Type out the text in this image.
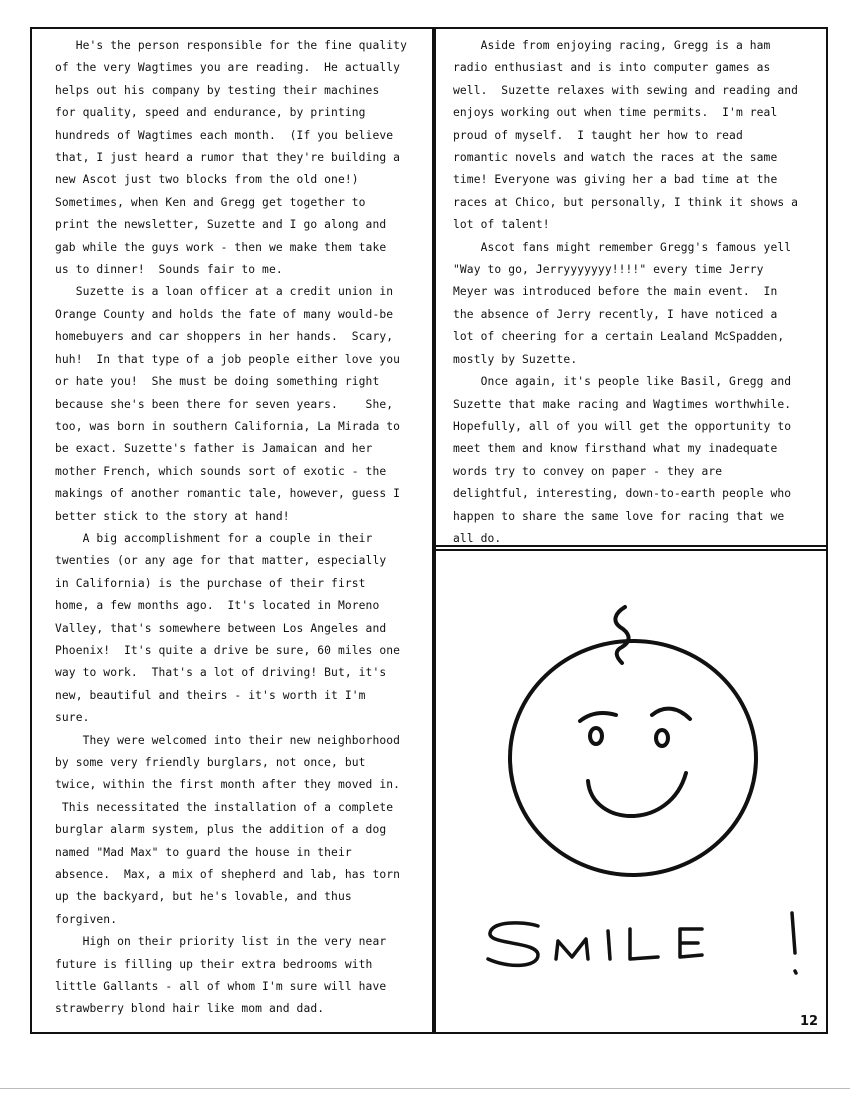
He's the person responsible for the fine quality

of the very Wagtimes you are reading.  He actually

helps out his company by testing their machines

for quality, speed and endurance, by printing

hundreds of Wagtimes each month.  (If you believe

that, I just heard a rumor that they're building a

new Ascot just two blocks from the old one!)

Sometimes, when Ken and Gregg get together to

print the newsletter, Suzette and I go along and

gab while the guys work - then we make them take

us to dinner!  Sounds fair to me.

Suzette is a loan officer at a credit union in

Orange County and holds the fate of many would-be

homebuyers and car shoppers in her hands.  Scary,

huh!  In that type of a job people either love you

or hate you!  She must be doing something right

because she's been there for seven years.    She,

too, was born in southern California, La Mirada to

be exact. Suzette's father is Jamaican and her

mother French, which sounds sort of exotic - the

makings of another romantic tale, however, guess I

better stick to the story at hand!

A big accomplishment for a couple in their

twenties (or any age for that matter, especially

in California) is the purchase of their first

home, a few months ago.  It's located in Moreno

Valley, that's somewhere between Los Angeles and

Phoenix!  It's quite a drive be sure, 60 miles one

way to work.  That's a lot of driving! But, it's

new, beautiful and theirs - it's worth it I'm

sure.

They were welcomed into their new neighborhood

by some very friendly burglars, not once, but

twice, within the first month after they moved in.

This necessitated the installation of a complete

burglar alarm system, plus the addition of a dog

named "Mad Max" to guard the house in their

absence.  Max, a mix of shepherd and lab, has torn

up the backyard, but he's lovable, and thus

forgiven.

High on their priority list in the very near

future is filling up their extra bedrooms with

little Gallants - all of whom I'm sure will have

strawberry blond hair like mom and dad.

Aside from enjoying racing, Gregg is a ham

radio enthusiast and is into computer games as

well.  Suzette relaxes with sewing and reading and

enjoys working out when time permits.  I'm real

proud of myself.  I taught her how to read

romantic novels and watch the races at the same

time! Everyone was giving her a bad time at the

races at Chico, but personally, I think it shows a

lot of talent!

Ascot fans might remember Gregg's famous yell

"Way to go, Jerryyyyyyy!!!!" every time Jerry

Meyer was introduced before the main event.  In

the absence of Jerry recently, I have noticed a

lot of cheering for a certain Lealand McSpadden,

mostly by Suzette.

Once again, it's people like Basil, Gregg and

Suzette that make racing and Wagtimes worthwhile.

Hopefully, all of you will get the opportunity to

meet them and know firsthand what my inadequate

words try to convey on paper - they are

delightful, interesting, down-to-earth people who

happen to share the same love for racing that we

all do.

SMILE!
12
